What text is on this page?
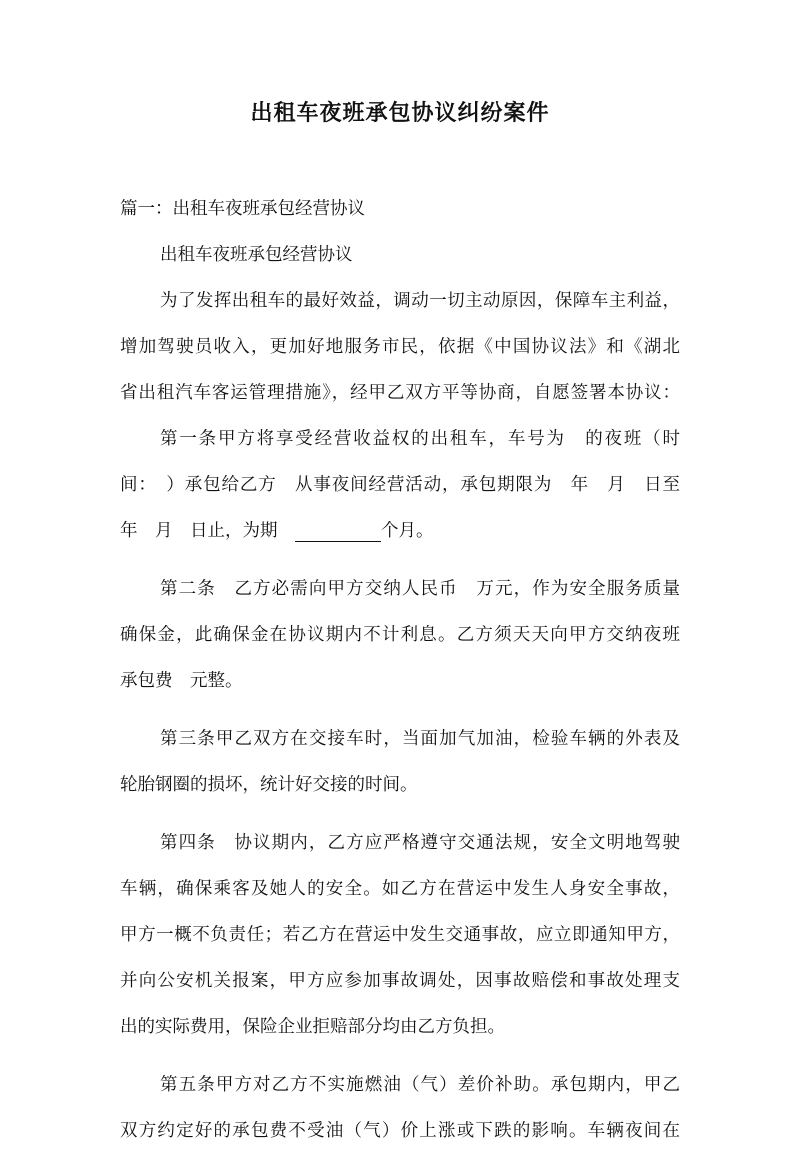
出租车夜班承包协议纠纷案件
篇一：出租车夜班承包经营协议
出租车夜班承包经营协议
为了发挥出租车的最好效益，调动一切主动原因，保障车主利益，
增加驾驶员收入，更加好地服务市民，依据《中国协议法》和《湖北
省出租汽车客运管理措施》，经甲乙双方平等协商，自愿签署本协议：
第一条甲方将享受经营收益权的出租车，车号为　的夜班（时
间：　）承包给乙方　从事夜间经营活动，承包期限为　年　月　日至
年　月　日止，为期　	个月。
第二条　乙方必需向甲方交纳人民币　万元，作为安全服务质量
确保金，此确保金在协议期内不计利息。乙方须天天向甲方交纳夜班
承包费　元整。
第三条甲乙双方在交接车时，当面加气加油，检验车辆的外表及
轮胎钢圈的损坏，统计好交接的时间。
第四条　协议期内，乙方应严格遵守交通法规，安全文明地驾驶
车辆，确保乘客及她人的安全。如乙方在营运中发生人身安全事故，
甲方一概不负责任；若乙方在营运中发生交通事故，应立即通知甲方，
并向公安机关报案，甲方应参加事故调处，因事故赔偿和事故处理支
出的实际费用，保险企业拒赔部分均由乙方负担。
第五条甲方对乙方不实施燃油（气）差价补助。承包期内，甲乙
双方约定好的承包费不受油（气）价上涨或下跌的影响。车辆夜间在
